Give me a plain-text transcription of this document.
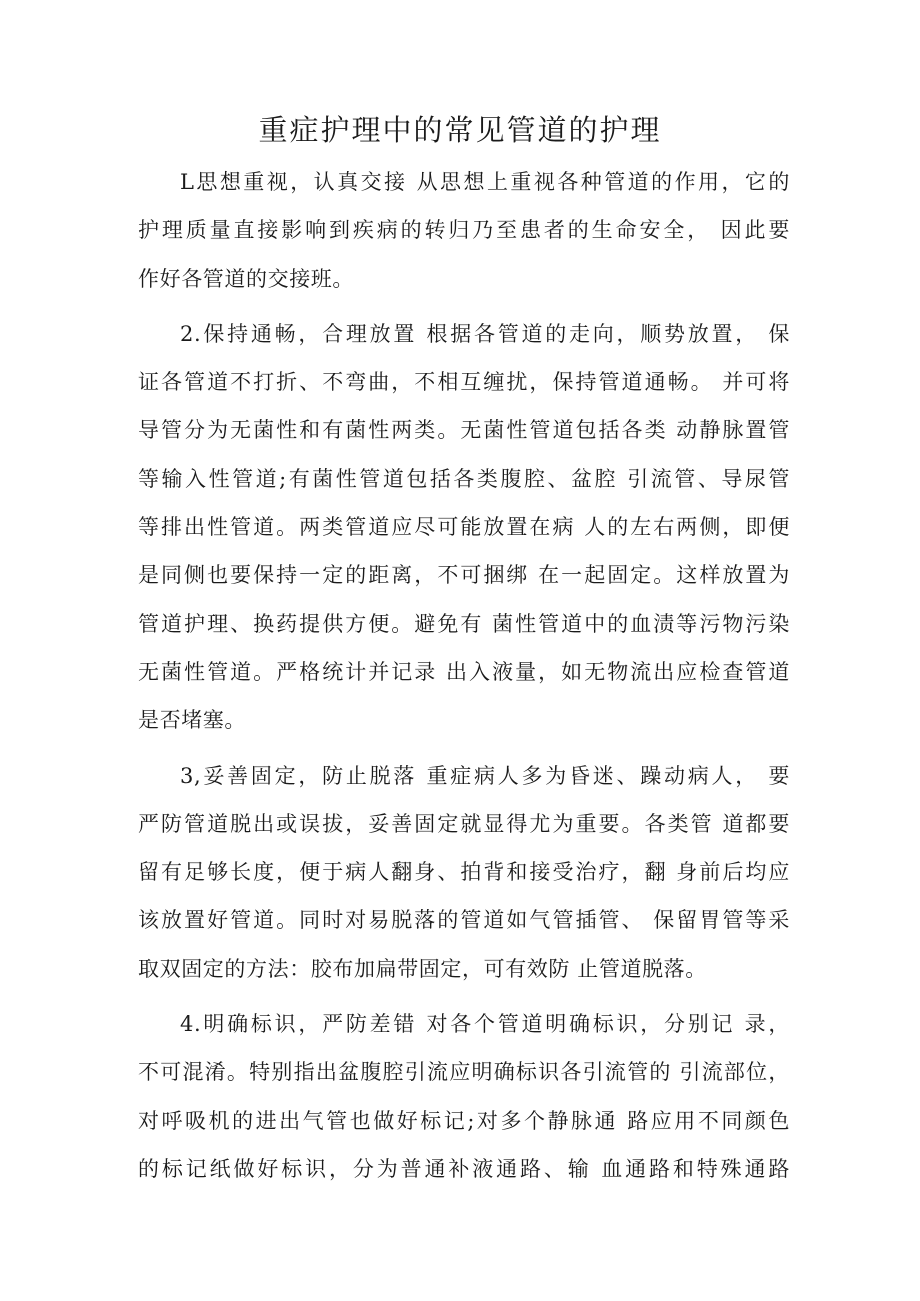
重症护理中的常见管道的护理
L思想重视，认真交接 从思想上重视各种管道的作用，它的
护理质量直接影响到疾病的转归乃至患者的生命安全， 因此要
作好各管道的交接班。
2.保持通畅，合理放置 根据各管道的走向，顺势放置， 保
证各管道不打折、不弯曲，不相互缠扰，保持管道通畅。 并可将
导管分为无菌性和有菌性两类。无菌性管道包括各类 动静脉置管
等输入性管道;有菌性管道包括各类腹腔、盆腔 引流管、导尿管
等排出性管道。两类管道应尽可能放置在病 人的左右两侧，即便
是同侧也要保持一定的距离，不可捆绑 在一起固定。这样放置为
管道护理、换药提供方便。避免有 菌性管道中的血渍等污物污染
无菌性管道。严格统计并记录 出入液量，如无物流出应检查管道
是否堵塞。
3,妥善固定，防止脱落 重症病人多为昏迷、躁动病人， 要
严防管道脱出或误拔，妥善固定就显得尤为重要。各类管 道都要
留有足够长度，便于病人翻身、拍背和接受治疗，翻 身前后均应
该放置好管道。同时对易脱落的管道如气管插管、 保留胃管等采
取双固定的方法：胶布加扁带固定，可有效防 止管道脱落。
4.明确标识，严防差错 对各个管道明确标识，分别记 录，
不可混淆。特别指出盆腹腔引流应明确标识各引流管的 引流部位，
对呼吸机的进出气管也做好标记;对多个静脉通 路应用不同颜色
的标记纸做好标识，分为普通补液通路、输 血通路和特殊通路
